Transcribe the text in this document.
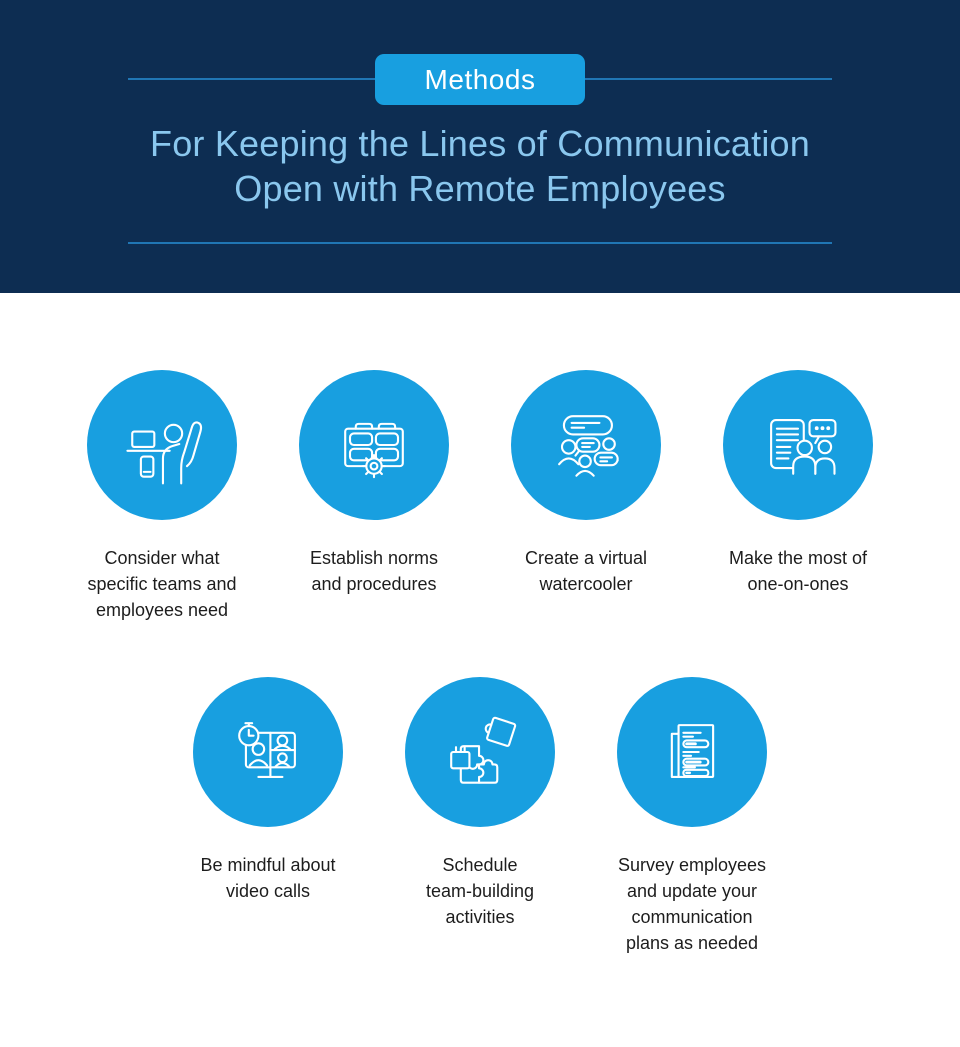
Methods
For Keeping the Lines of Communication
Open with Remote Employees

Consider what
specific teams and
employees need

Establish norms
and procedures

Create a virtual
watercooler

Make the most of
one-on-ones

Be mindful about
video calls

Schedule
team-building
activities

Survey employees
and update your
communication
plans as needed
